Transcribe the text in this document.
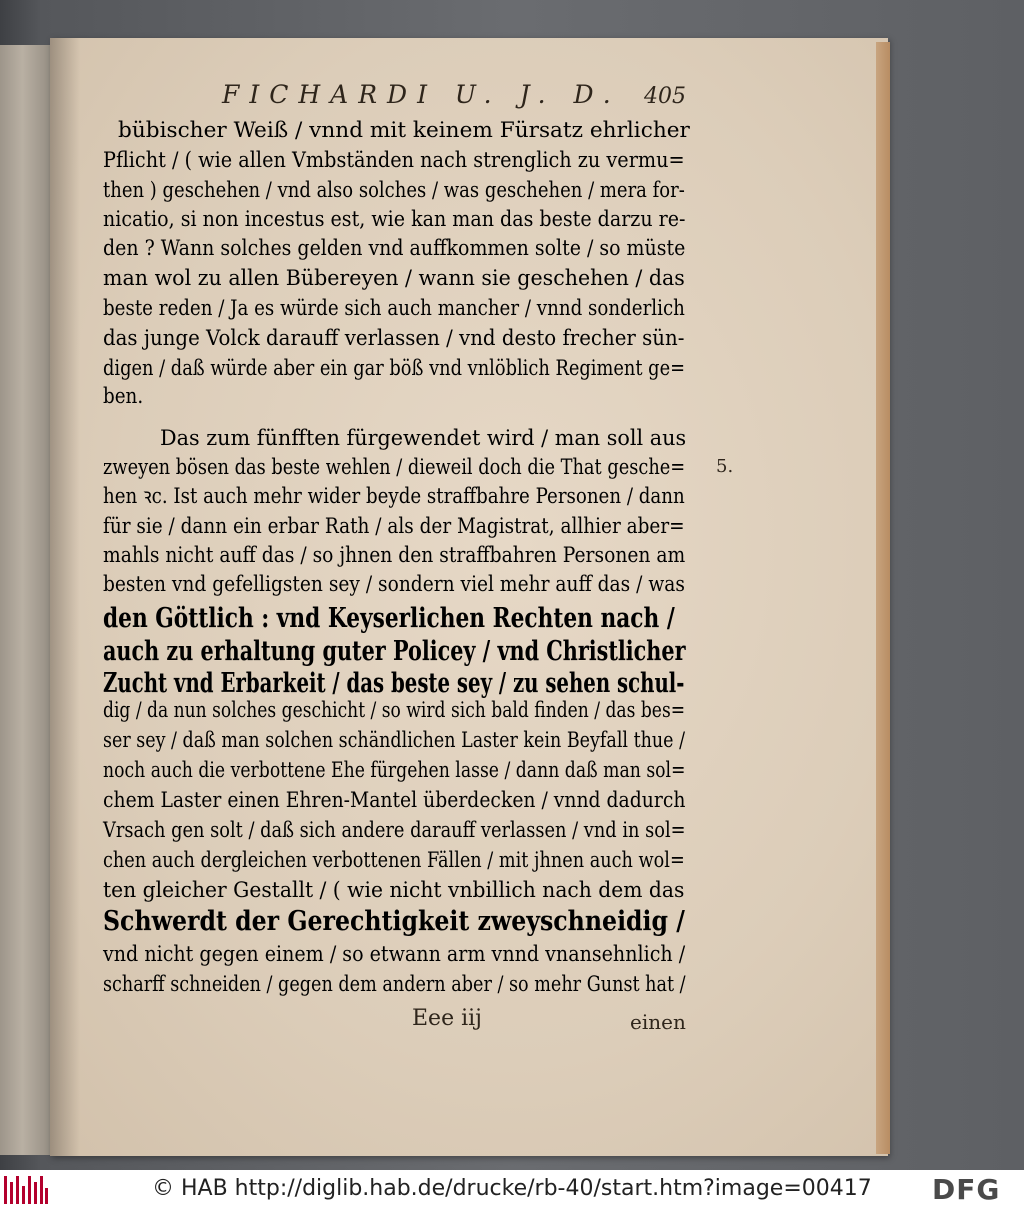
FICHARDI U. J. D. 405
bübischer Weiß / vnnd mit keinem Fürsatz ehrlicher
Pflicht / ( wie allen Vmbständen nach strenglich zu vermu=
then ) geschehen / vnd also solches / was geschehen / mera for-
nicatio, si non incestus est, wie kan man das beste darzu re-
den ? Wann solches gelden vnd auffkommen solte / so müste
man wol zu allen Bübereyen / wann sie geschehen / das
beste reden / Ja es würde sich auch mancher / vnnd sonderlich
das junge Volck darauff verlassen / vnd desto frecher sün-
digen / daß würde aber ein gar böß vnd vnlöblich Regiment ge=
ben.
Das zum fünfften fürgewendet wird / man soll aus
zweyen bösen das beste wehlen / dieweil doch die That gesche=
hen ꝛc. Ist auch mehr wider beyde straffbahre Personen / dann
für sie / dann ein erbar Rath / als der Magistrat, allhier aber=
mahls nicht auff das / so jhnen den straffbahren Personen am
besten vnd gefelligsten sey / sondern viel mehr auff das / was
den Göttlich : vnd Keyserlichen Rechten nach /
auch zu erhaltung guter Policey / vnd Christlicher
Zucht vnd Erbarkeit / das beste sey / zu sehen schul-
dig / da nun solches geschicht / so wird sich bald finden / das bes=
ser sey / daß man solchen schändlichen Laster kein Beyfall thue /
noch auch die verbottene Ehe fürgehen lasse / dann daß man sol=
chem Laster einen Ehren-Mantel überdecken / vnnd dadurch
Vrsach gen solt / daß sich andere darauff verlassen / vnd in sol=
chen auch dergleichen verbottenen Fällen / mit jhnen auch wol=
ten gleicher Gestallt / ( wie nicht vnbillich nach dem das
Schwerdt der Gerechtigkeit zweyschneidig /
vnd nicht gegen einem / so etwann arm vnnd vnansehnlich /
scharff schneiden / gegen dem andern aber / so mehr Gunst hat /
5.
Eee iij	einen
© HAB http://diglib.hab.de/drucke/rb-40/start.htm?image=00417 DFG
